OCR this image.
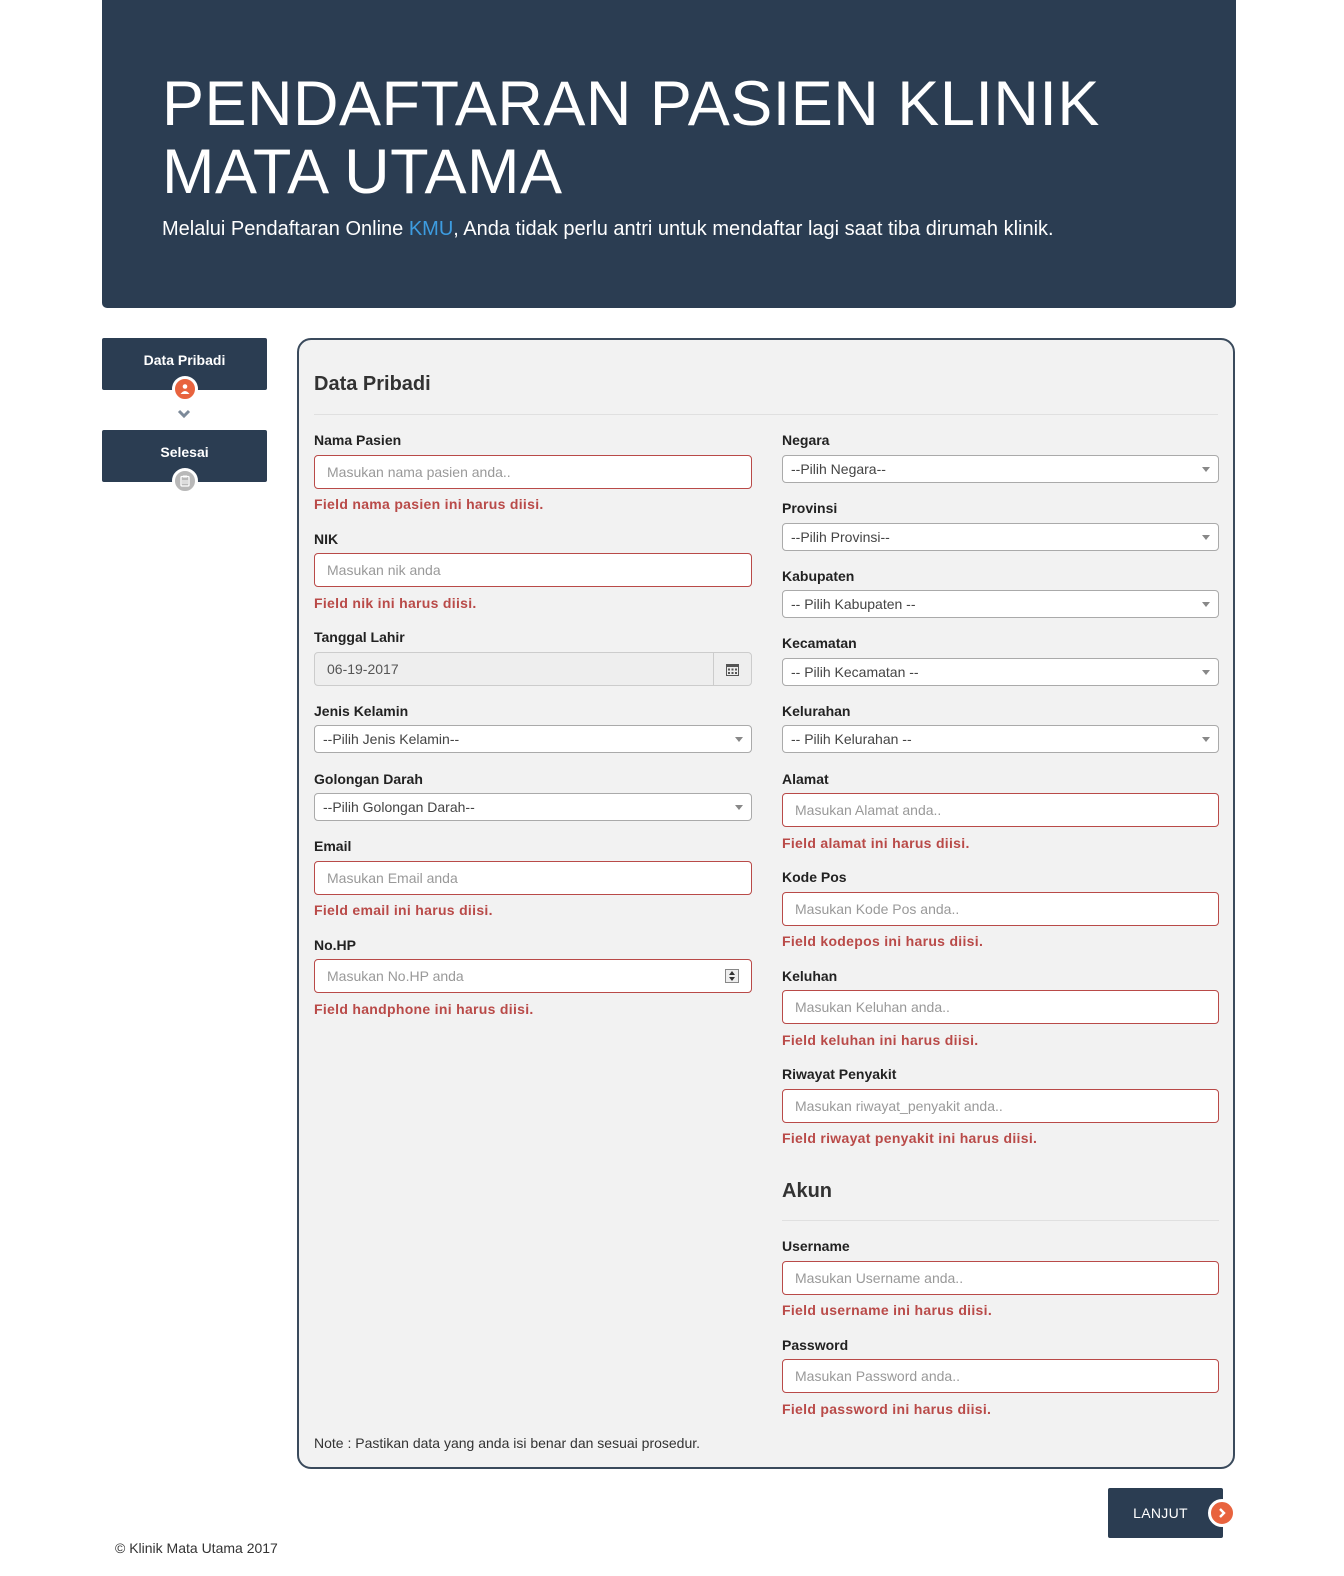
PENDAFTARAN PASIEN KLINIK MATA UTAMA
Melalui Pendaftaran Online KMU, Anda tidak perlu antri untuk mendaftar lagi saat tiba dirumah klinik.
Data Pribadi
Selesai
Data Pribadi
Nama Pasien
Masukan nama pasien anda..
Field nama pasien ini harus diisi.
NIK
Masukan nik anda
Field nik ini harus diisi.
Tanggal Lahir
06-19-2017
Jenis Kelamin
--Pilih Jenis Kelamin--
Golongan Darah
--Pilih Golongan Darah--
Email
Masukan Email anda
Field email ini harus diisi.
No.HP
Masukan No.HP anda
Field handphone ini harus diisi.
Negara
--Pilih Negara--
Provinsi
--Pilih Provinsi--
Kabupaten
-- Pilih Kabupaten --
Kecamatan
-- Pilih Kecamatan --
Kelurahan
-- Pilih Kelurahan --
Alamat
Masukan Alamat anda..
Field alamat ini harus diisi.
Kode Pos
Masukan Kode Pos anda..
Field kodepos ini harus diisi.
Keluhan
Masukan Keluhan anda..
Field keluhan ini harus diisi.
Riwayat Penyakit
Masukan riwayat_penyakit anda..
Field riwayat penyakit ini harus diisi.
Akun
Username
Masukan Username anda..
Field username ini harus diisi.
Password
Masukan Password anda..
Field password ini harus diisi.
Note : Pastikan data yang anda isi benar dan sesuai prosedur.
LANJUT
© Klinik Mata Utama 2017
